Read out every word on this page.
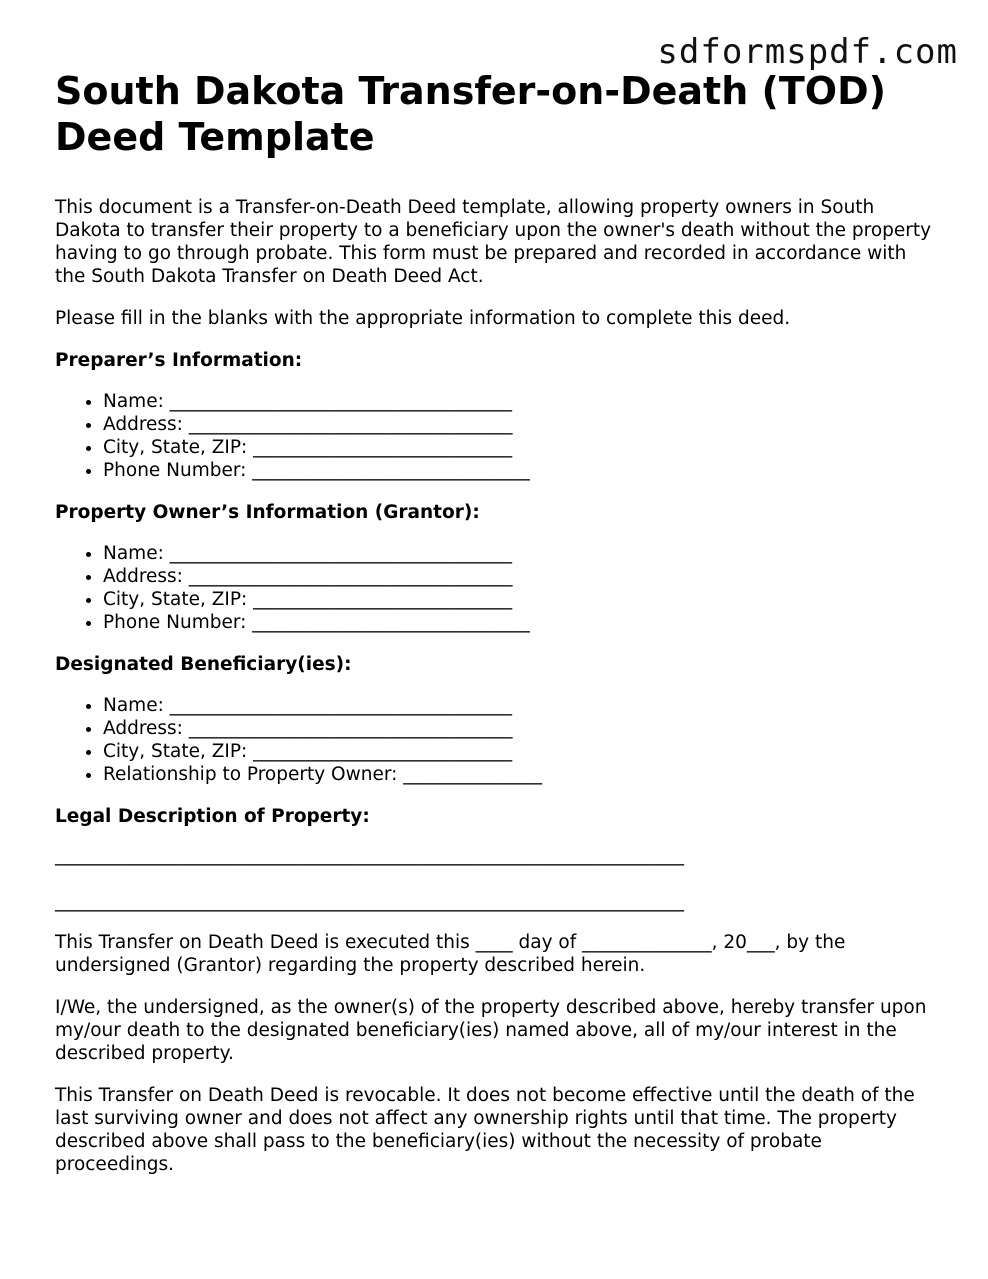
sdformspdf.com
South Dakota Transfer-on-Death (TOD) Deed Template

This document is a Transfer-on-Death Deed template, allowing property owners in South Dakota to transfer their property to a beneficiary upon the owner's death without the property having to go through probate. This form must be prepared and recorded in accordance with the South Dakota Transfer on Death Deed Act.

Please fill in the blanks with the appropriate information to complete this deed.

Preparer’s Information:
• Name: _____________________________________
• Address: ___________________________________
• City, State, ZIP: ____________________________
• Phone Number: ______________________________
Property Owner’s Information (Grantor):
• Name: _____________________________________
• Address: ___________________________________
• City, State, ZIP: ____________________________
• Phone Number: ______________________________
Designated Beneficiary(ies):
• Name: _____________________________________
• Address: ___________________________________
• City, State, ZIP: ____________________________
• Relationship to Property Owner: _______________
Legal Description of Property:
____________________________________________________________________
____________________________________________________________________

This Transfer on Death Deed is executed this ____ day of ______________, 20___, by the undersigned (Grantor) regarding the property described herein.

I/We, the undersigned, as the owner(s) of the property described above, hereby transfer upon my/our death to the designated beneficiary(ies) named above, all of my/our interest in the described property.

This Transfer on Death Deed is revocable. It does not become effective until the death of the last surviving owner and does not affect any ownership rights until that time. The property described above shall pass to the beneficiary(ies) without the necessity of probate proceedings.
